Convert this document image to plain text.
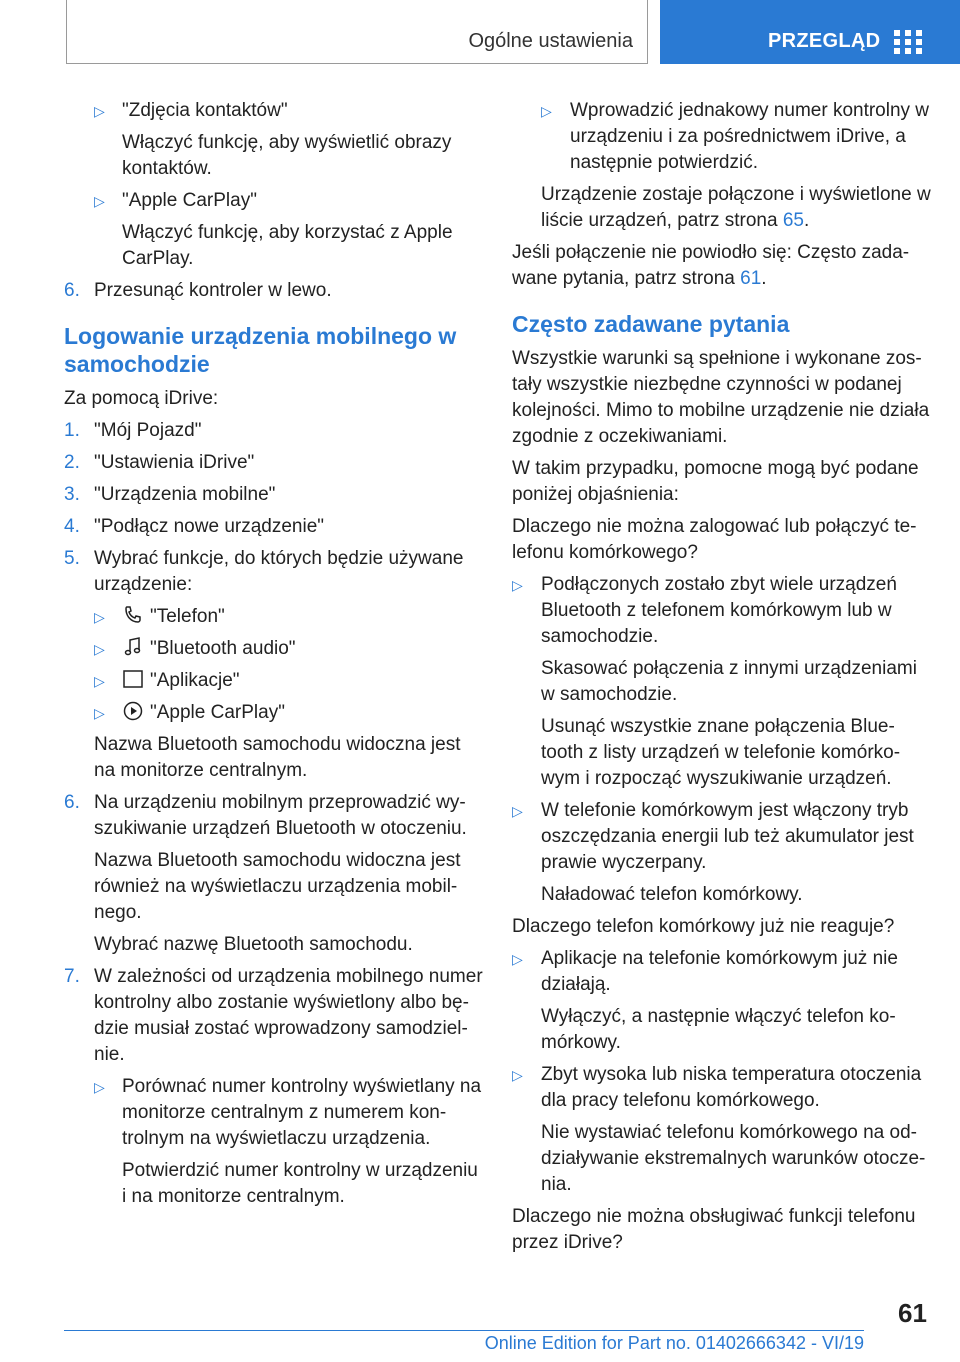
Ogólne ustawienia	PRZEGLĄD
▷ "Zdjęcia kontaktów"
Włączyć funkcję, aby wyświetlić obrazy kontaktów.
▷ "Apple CarPlay"
Włączyć funkcję, aby korzystać z Apple CarPlay.
6. Przesunąć kontroler w lewo.
Logowanie urządzenia mobilnego w samochodzie
Za pomocą iDrive:
1. "Mój Pojazd"
2. "Ustawienia iDrive"
3. "Urządzenia mobilne"
4. "Podłącz nowe urządzenie"
5. Wybrać funkcje, do których będzie używane urządzenie:
▷ "Telefon"
▷ "Bluetooth audio"
▷ "Aplikacje"
▷ "Apple CarPlay"
Nazwa Bluetooth samochodu widoczna jest na monitorze centralnym.
6. Na urządzeniu mobilnym przeprowadzić wy- szukiwanie urządzeń Bluetooth w otoczeniu.
Nazwa Bluetooth samochodu widoczna jest również na wyświetlaczu urządzenia mobil- nego.
Wybrać nazwę Bluetooth samochodu.
7. W zależności od urządzenia mobilnego numer kontrolny albo zostanie wyświetlony albo bę- dzie musiał zostać wprowadzony samodziel- nie.
▷ Porównać numer kontrolny wyświetlany na monitorze centralnym z numerem kon- trolnym na wyświetlaczu urządzenia.
Potwierdzić numer kontrolny w urządzeniu i na monitorze centralnym.
▷ Wprowadzić jednakowy numer kontrolny w urządzeniu i za pośrednictwem iDrive, a następnie potwierdzić.
Urządzenie zostaje połączone i wyświetlone w liście urządzeń, patrz strona 65.
Jeśli połączenie nie powiodło się: Często zada- wane pytania, patrz strona 61.
Często zadawane pytania
Wszystkie warunki są spełnione i wykonane zos- tały wszystkie niezbędne czynności w podanej kolejności. Mimo to mobilne urządzenie nie działa zgodnie z oczekiwaniami.
W takim przypadku, pomocne mogą być podane poniżej objaśnienia:
Dlaczego nie można zalogować lub połączyć te- lefonu komórkowego?
▷ Podłączonych zostało zbyt wiele urządzeń Bluetooth z telefonem komórkowym lub w samochodzie.
Skasować połączenia z innymi urządzeniami w samochodzie.
Usunąć wszystkie znane połączenia Blue- tooth z listy urządzeń w telefonie komórko- wym i rozpocząć wyszukiwanie urządzeń.
▷ W telefonie komórkowym jest włączony tryb oszczędzania energii lub też akumulator jest prawie wyczerpany.
Naładować telefon komórkowy.
Dlaczego telefon komórkowy już nie reaguje?
▷ Aplikacje na telefonie komórkowym już nie działają.
Wyłączyć, a następnie włączyć telefon ko- mórkowy.
▷ Zbyt wysoka lub niska temperatura otoczenia dla pracy telefonu komórkowego.
Nie wystawiać telefonu komórkowego na od- działywanie ekstremalnych warunków otocze- nia.
Dlaczego nie można obsługiwać funkcji telefonu przez iDrive?
61
Online Edition for Part no. 01402666342 - VI/19
